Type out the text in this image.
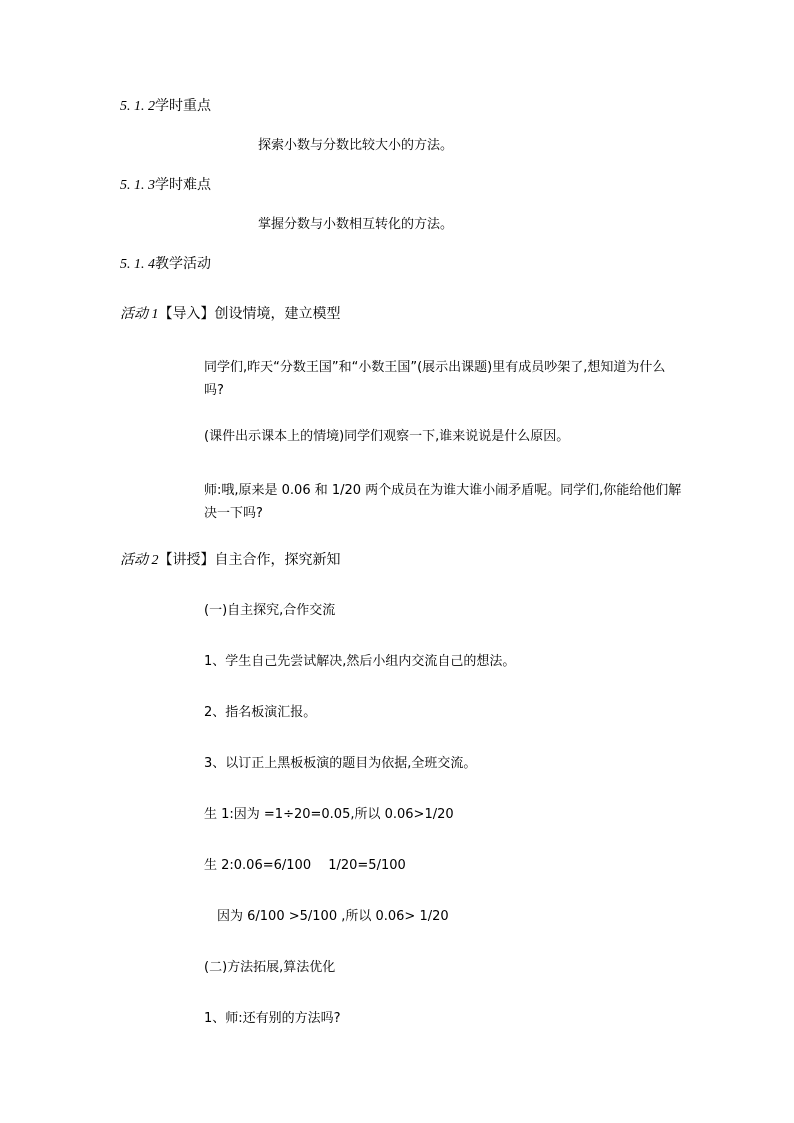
5. 1. 2学时重点
探索小数与分数比较大小的方法。
5. 1. 3学时难点
掌握分数与小数相互转化的方法。
5. 1. 4教学活动
活动 1【导入】创设情境，建立模型
同学们,昨天“分数王国”和“小数王国”(展示出课题)里有成员吵架了,想知道为什么吗?
(课件出示课本上的情境)同学们观察一下,谁来说说是什么原因。
师:哦,原来是 0.06 和 1/20 两个成员在为谁大谁小闹矛盾呢。同学们,你能给他们解决一下吗?
活动 2【讲授】自主合作，探究新知
(一)自主探究,合作交流
1、学生自己先尝试解决,然后小组内交流自己的想法。
2、指名板演汇报。
3、以订正上黑板板演的题目为依据,全班交流。
生 1:因为 =1÷20=0.05,所以 0.06>1/20
生 2:0.06=6/100　 1/20=5/100
因为 6/100 >5/100 ,所以 0.06> 1/20
(二)方法拓展,算法优化
1、师:还有别的方法吗?
